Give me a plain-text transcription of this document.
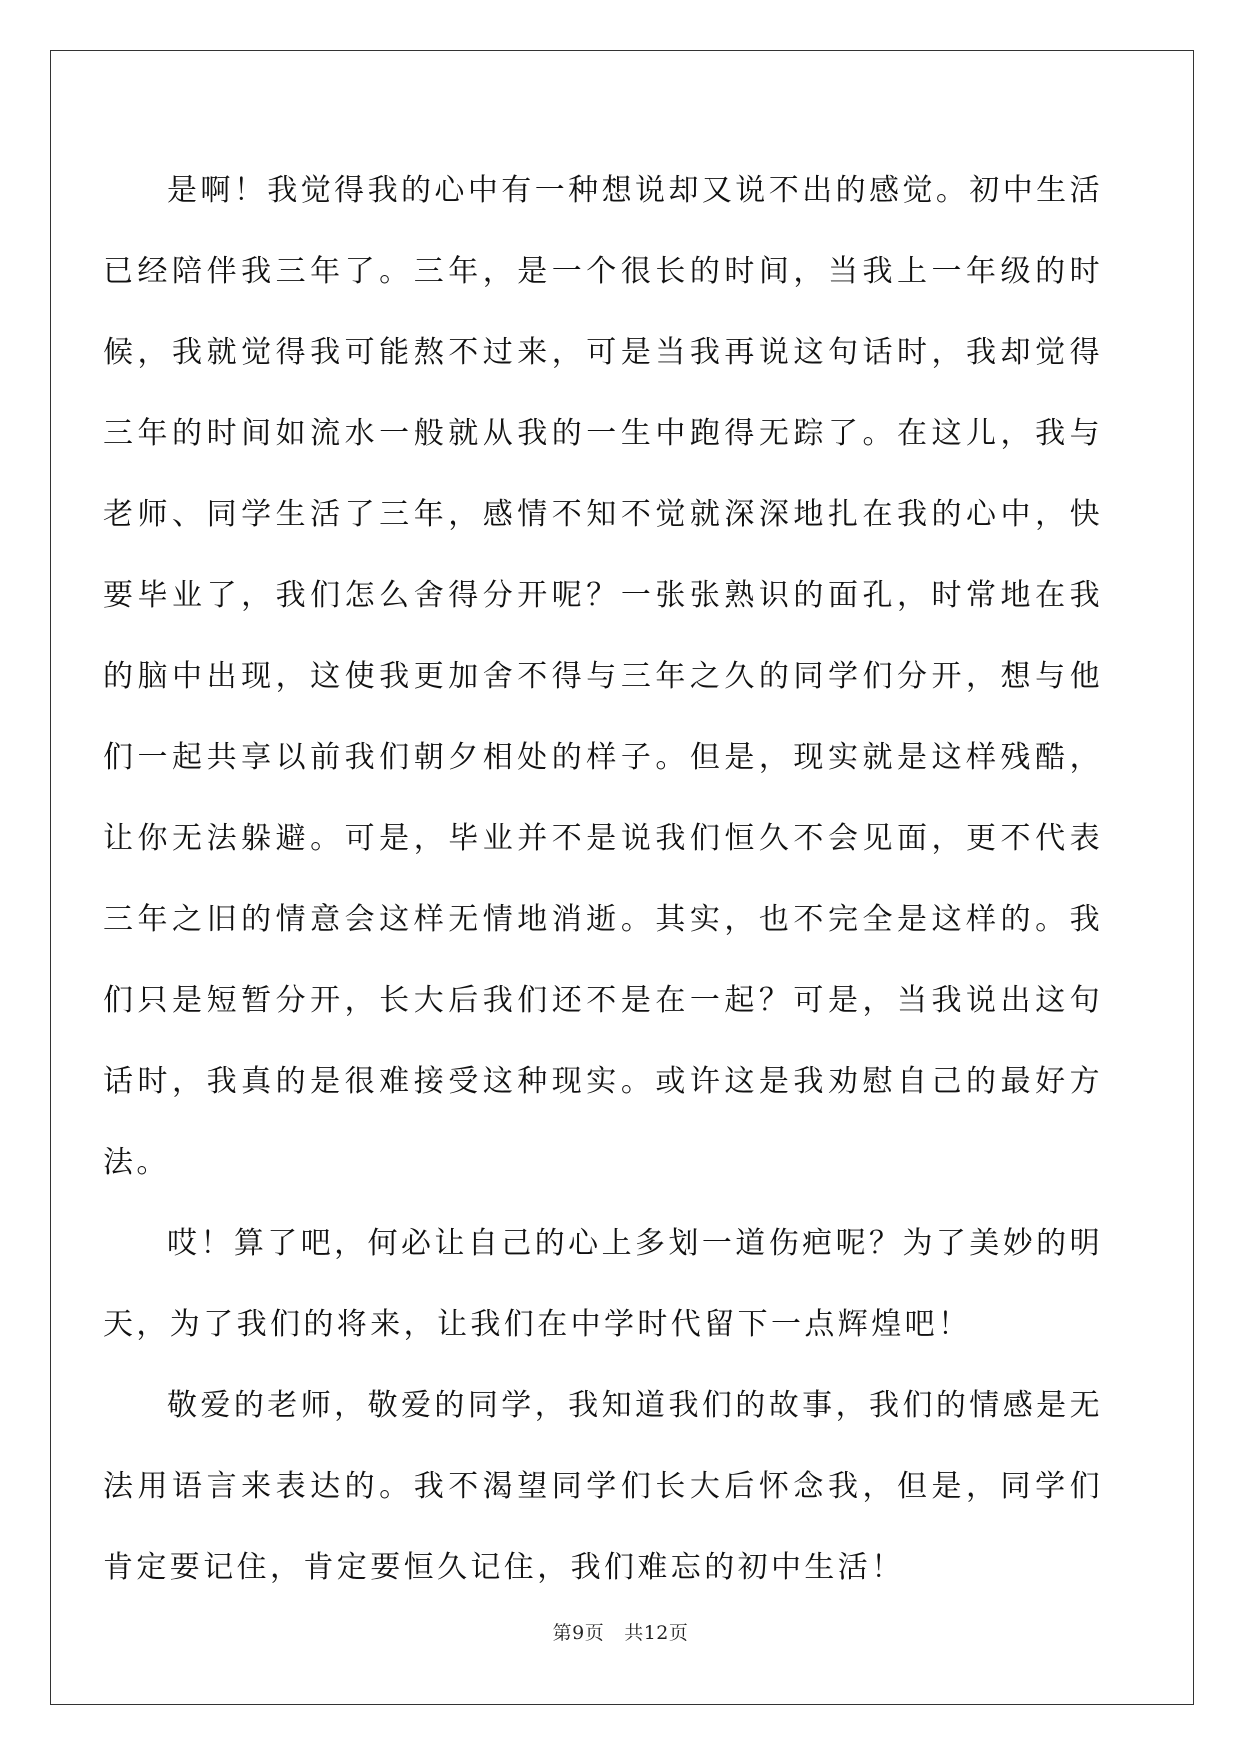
是啊！我觉得我的心中有一种想说却又说不出的感觉。初中生活已经陪伴我三年了。三年，是一个很长的时间，当我上一年级的时候，我就觉得我可能熬不过来，可是当我再说这句话时，我却觉得三年的时间如流水一般就从我的一生中跑得无踪了。在这儿，我与老师、同学生活了三年，感情不知不觉就深深地扎在我的心中，快要毕业了，我们怎么舍得分开呢？一张张熟识的面孔，时常地在我的脑中出现，这使我更加舍不得与三年之久的同学们分开，想与他们一起共享以前我们朝夕相处的样子。但是，现实就是这样残酷，让你无法躲避。可是，毕业并不是说我们恒久不会见面，更不代表三年之旧的情意会这样无情地消逝。其实，也不完全是这样的。我们只是短暂分开，长大后我们还不是在一起？可是，当我说出这句话时，我真的是很难接受这种现实。或许这是我劝慰自己的最好方法。

哎！算了吧，何必让自己的心上多划一道伤疤呢？为了美妙的明天，为了我们的将来，让我们在中学时代留下一点辉煌吧！

敬爱的老师，敬爱的同学，我知道我们的故事，我们的情感是无法用语言来表达的。我不渴望同学们长大后怀念我，但是，同学们肯定要记住，肯定要恒久记住，我们难忘的初中生活！

第9页 共12页
